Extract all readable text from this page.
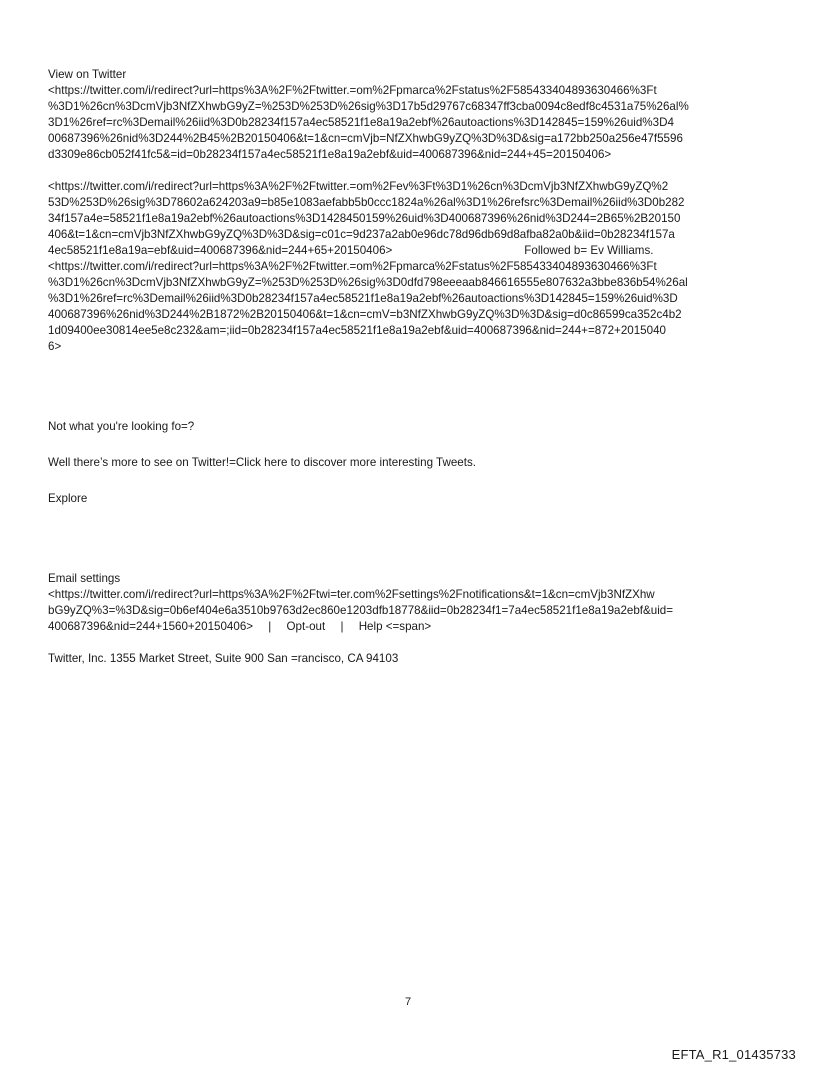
View on Twitter
<https://twitter.com/i/redirect?url=https%3A%2F%2Ftwitter.=om%2Fpmarca%2Fstatus%2F585433404893630466%3Ft
%3D1%26cn%3DcmVjb3NfZXhwbG9yZ=%253D%253D%26sig%3D17b5d29767c68347ff3cba0094c8edf8c4531a75%26al%
3D1%26ref=rc%3Demail%26iid%3D0b28234f157a4ec58521f1e8a19a2ebf%26autoactions%3D142845=159%26uid%3D4
00687396%26nid%3D244%2B45%2B20150406&t=1&cn=cmVjb=NfZXhwbG9yZQ%3D%3D&sig=a172bb250a256e47f5596
d3309e86cb052f41fc5&=id=0b28234f157a4ec58521f1e8a19a2ebf&uid=400687396&nid=244+45=20150406>
<https://twitter.com/i/redirect?url=https%3A%2F%2Ftwitter.=om%2Fev%3Ft%3D1%26cn%3DcmVjb3NfZXhwbG9yZQ%2
53D%253D%26sig%3D78602a624203a9=b85e1083aefabb5b0ccc1824a%26al%3D1%26refsrc%3Demail%26iid%3D0b282
34f157a4e=58521f1e8a19a2ebf%26autoactions%3D1428450159%26uid%3D400687396%26nid%3D244=2B65%2B20150
406&t=1&cn=cmVjb3NfZXhwbG9yZQ%3D%3D&sig=c01c=9d237a2ab0e96dc78d96db69d8afba82a0b&iid=0b28234f157a
4ec58521f1e8a19a=ebf&uid=400687396&nid=244+65+20150406>	Followed b= Ev Williams.
<https://twitter.com/i/redirect?url=https%3A%2F%2Ftwitter.=om%2Fpmarca%2Fstatus%2F585433404893630466%3Ft
%3D1%26cn%3DcmVjb3NfZXhwbG9yZ=%253D%253D%26sig%3D0dfd798eeeaab846616555e807632a3bbe836b54%26al
%3D1%26ref=rc%3Demail%26iid%3D0b28234f157a4ec58521f1e8a19a2ebf%26autoactions%3D142845=159%26uid%3D
400687396%26nid%3D244%2B1872%2B20150406&t=1&cn=cmV=b3NfZXhwbG9yZQ%3D%3D&sig=d0c86599ca352c4b2
1d09400ee30814ee5e8c232&am=;iid=0b28234f157a4ec58521f1e8a19a2ebf&uid=400687396&nid=244+=872+2015040
6>

Not what you're looking fo=?

Well there’s more to see on Twitter!=Click here to discover more interesting Tweets.

Explore

Email settings
<https://twitter.com/i/redirect?url=https%3A%2F%2Ftwi=ter.com%2Fsettings%2Fnotifications&t=1&cn=cmVjb3NfZXhw
bG9yZQ%3=%3D&sig=0b6ef404e6a3510b9763d2ec860e1203dfb18778&iid=0b28234f1=7a4ec58521f1e8a19a2ebf&uid=
400687396&nid=244+1560+20150406> | Opt-out | Help <=span>

Twitter, Inc. 1355 Market Street, Suite 900 San =rancisco, CA 94103

7
EFTA_R1_01435733
